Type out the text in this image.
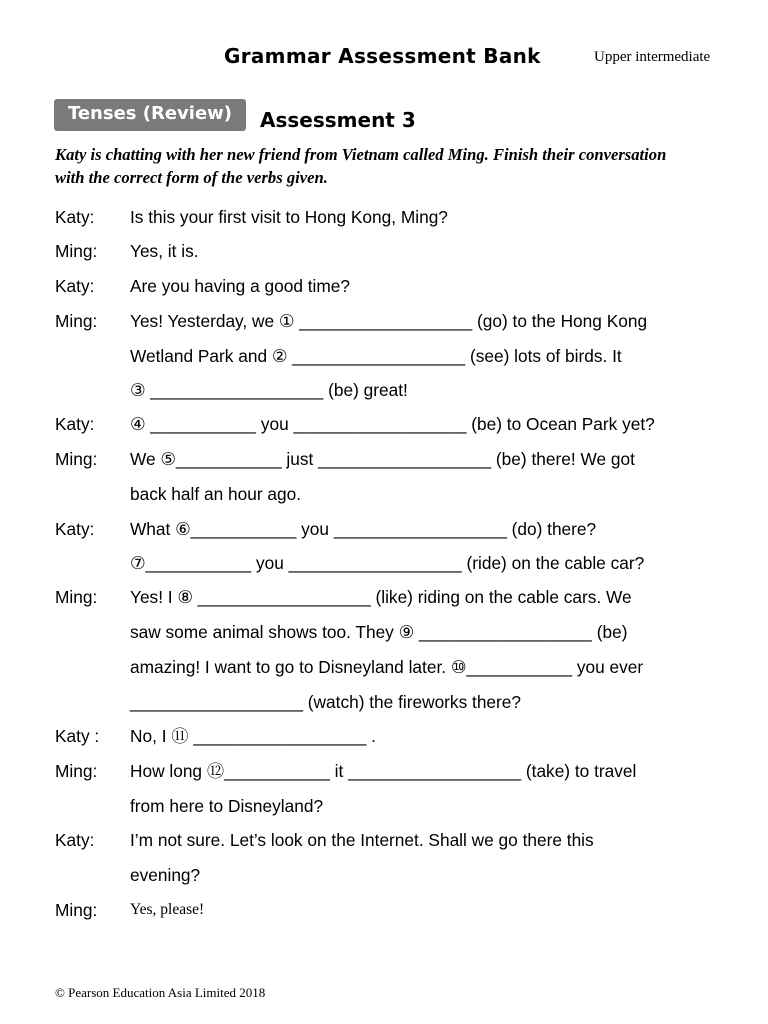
Grammar Assessment Bank	Upper intermediate
Tenses (Review)	Assessment 3
Katy is chatting with her new friend from Vietnam called Ming. Finish their conversation with the correct form of the verbs given.
Katy: Is this your first visit to Hong Kong, Ming?
Ming: Yes, it is.
Katy: Are you having a good time?
Ming: Yes! Yesterday, we ① __________________ (go) to the Hong Kong
Wetland Park and ② __________________ (see) lots of birds. It
③ __________________ (be) great!
Katy: ④ ___________ you __________________ (be) to Ocean Park yet?
Ming: We ⑤___________ just __________________ (be) there! We got
back half an hour ago.
Katy: What ⑥___________ you __________________ (do) there?
⑦___________ you __________________ (ride) on the cable car?
Ming: Yes! I ⑧ __________________ (like) riding on the cable cars. We
saw some animal shows too. They ⑨ __________________ (be)
amazing! I want to go to Disneyland later. ⑩___________ you ever
__________________ (watch) the fireworks there?
Katy : No, I ⑪ __________________ .
Ming: How long ⑫___________ it __________________ (take) to travel
from here to Disneyland?
Katy: I’m not sure. Let’s look on the Internet. Shall we go there this
evening?
Ming: Yes, please!
© Pearson Education Asia Limited 2018
